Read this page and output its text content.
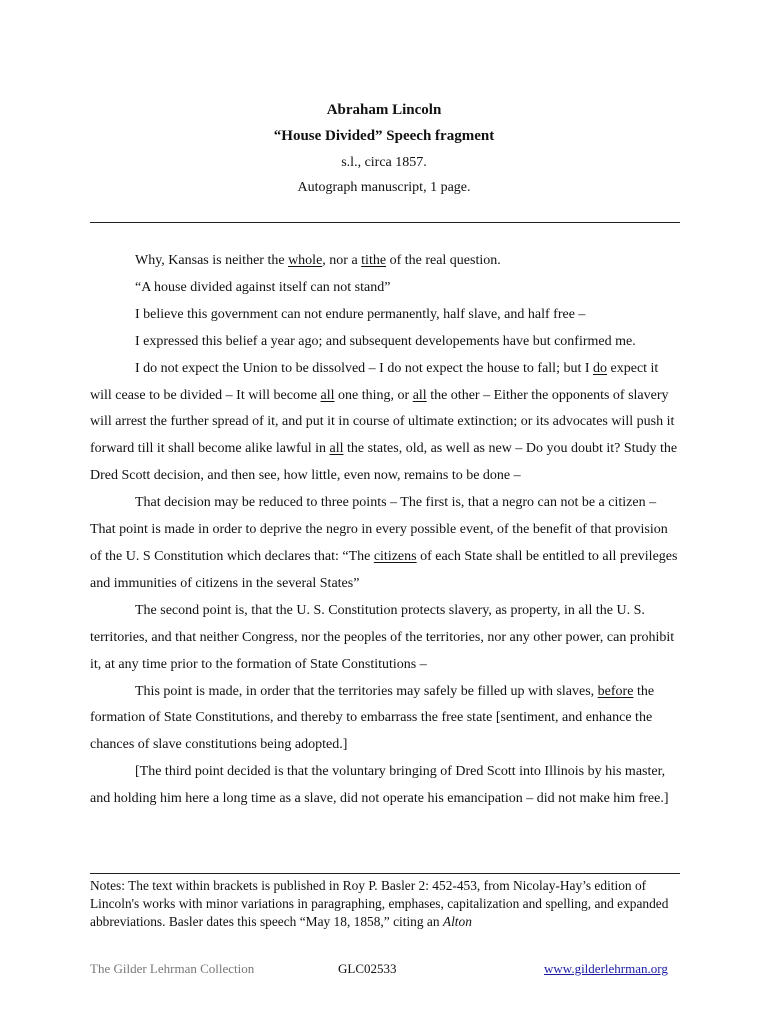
Abraham Lincoln
“House Divided” Speech fragment
s.l., circa 1857.
Autograph manuscript, 1 page.

Why, Kansas is neither the whole, nor a tithe of the real question.

“A house divided against itself can not stand”

I believe this government can not endure permanently, half slave, and half free –

I expressed this belief a year ago; and subsequent developements have but confirmed me.

I do not expect the Union to be dissolved – I do not expect the house to fall; but I do expect it will cease to be divided – It will become all one thing, or all the other – Either the opponents of slavery will arrest the further spread of it, and put it in course of ultimate extinction; or its advocates will push it forward till it shall become alike lawful in all the states, old, as well as new – Do you doubt it? Study the Dred Scott decision, and then see, how little, even now, remains to be done –

That decision may be reduced to three points – The first is, that a negro can not be a citizen – That point is made in order to deprive the negro in every possible event, of the benefit of that provision of the U. S Constitution which declares that: “The citizens of each State shall be entitled to all previleges and immunities of citizens in the several States”

The second point is, that the U. S. Constitution protects slavery, as property, in all the U. S. territories, and that neither Congress, nor the peoples of the territories, nor any other power, can prohibit it, at any time prior to the formation of State Constitutions –

This point is made, in order that the territories may safely be filled up with slaves, before the formation of State Constitutions, and thereby to embarrass the free state [sentiment, and enhance the chances of slave constitutions being adopted.]

[The third point decided is that the voluntary bringing of Dred Scott into Illinois by his master, and holding him here a long time as a slave, did not operate his emancipation – did not make him free.]

Notes: The text within brackets is published in Roy P. Basler 2: 452-453, from Nicolay-Hay’s edition of Lincoln's works with minor variations in paragraphing, emphases, capitalization and spelling, and expanded abbreviations. Basler dates this speech “May 18, 1858,” citing an Alton
The Gilder Lehrman Collection	GLC02533	www.gilderlehrman.org
